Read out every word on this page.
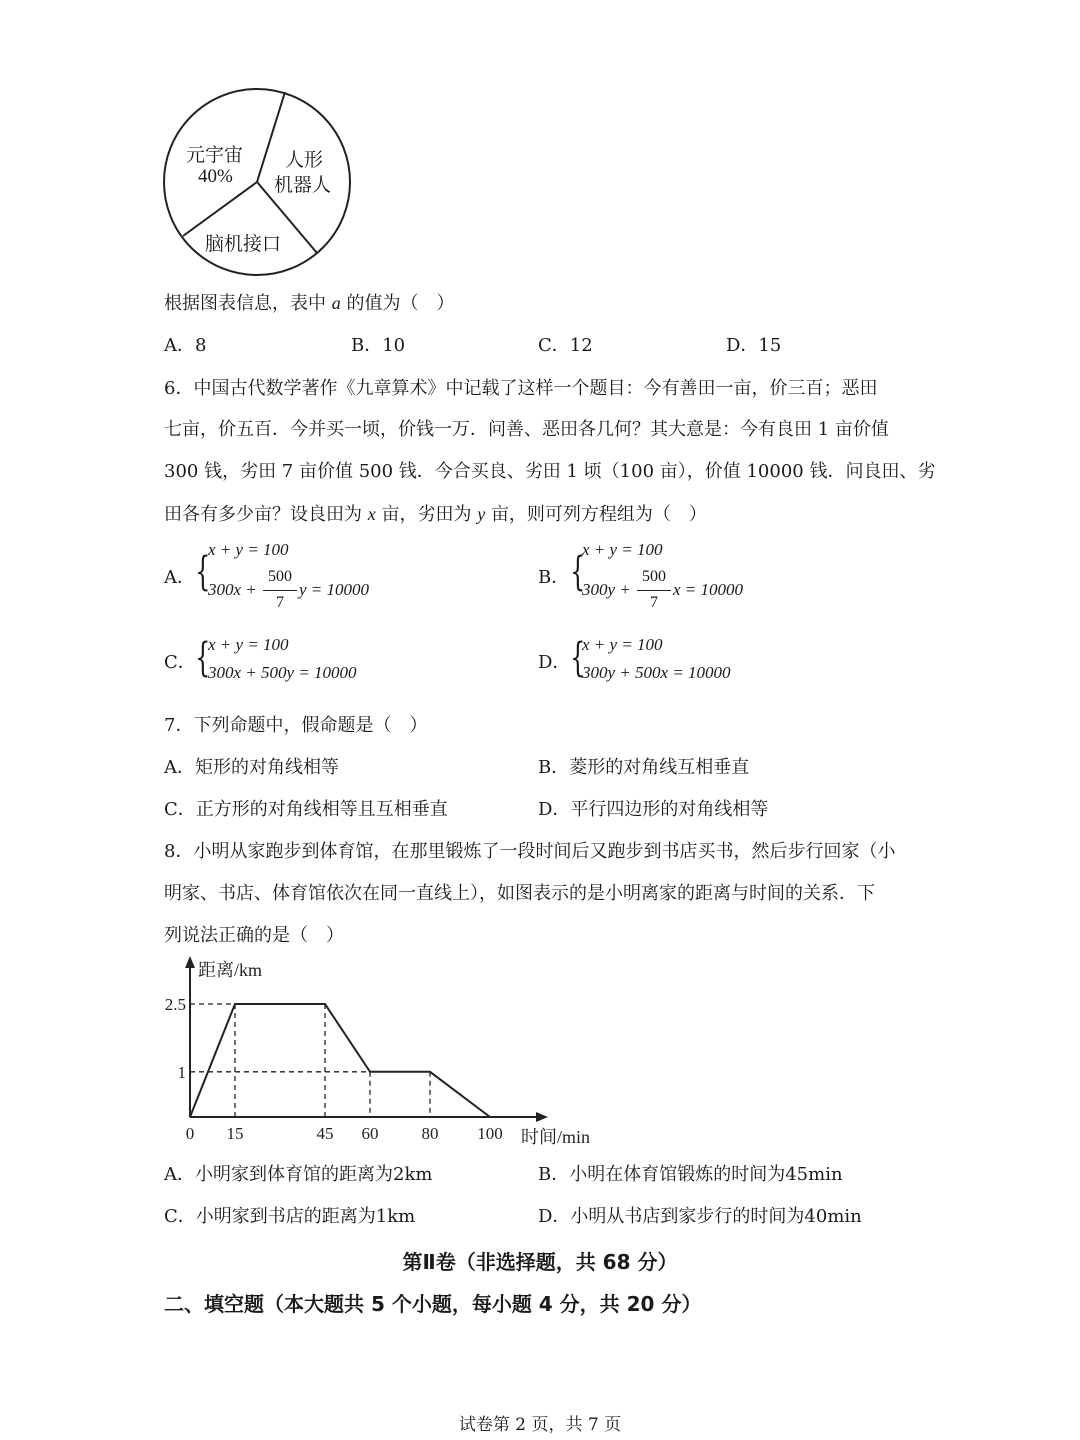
元宇宙
40%
人形
机器人
脑机接口
根据图表信息，表中 a 的值为（　）
A．8	B．10	C．12	D．15
6．中国古代数学著作《九章算术》中记载了这样一个题目：今有善田一亩，价三百；恶田
七亩，价五百．今并买一顷，价钱一万．问善、恶田各几何？其大意是：今有良田 1 亩价值
300 钱，劣田 7 亩价值 500 钱．今合买良、劣田 1 顷（100 亩），价值 10000 钱．问良田、劣
田各有多少亩？设良田为 x 亩，劣田为 y 亩，则可列方程组为（　）
A． {
x + y = 100
300x +
500
7
y = 10000
B． {
x + y = 100
300y +
500
7
x = 10000
C． {
x + y = 100
300x + 500y = 10000	D． {
x + y = 100
300y + 500x = 10000
7．下列命题中，假命题是（　）
A．矩形的对角线相等	B．菱形的对角线互相垂直
C．正方形的对角线相等且互相垂直	D．平行四边形的对角线相等
8．小明从家跑步到体育馆，在那里锻炼了一段时间后又跑步到书店买书，然后步行回家（小
明家、书店、体育馆依次在同一直线上），如图表示的是小明离家的距离与时间的关系．下
列说法正确的是（　）
0 15	45 60	80 100
2.5
1
距离/km
时间/min
A．小明家到体育馆的距离为2km	B．小明在体育馆锻炼的时间为45min
C．小明家到书店的距离为1km	D．小明从书店到家步行的时间为40min
第Ⅱ卷（非选择题，共 68 分）
二、填空题（本大题共 5 个小题，每小题 4 分，共 20 分）
试卷第 2 页，共 7 页
